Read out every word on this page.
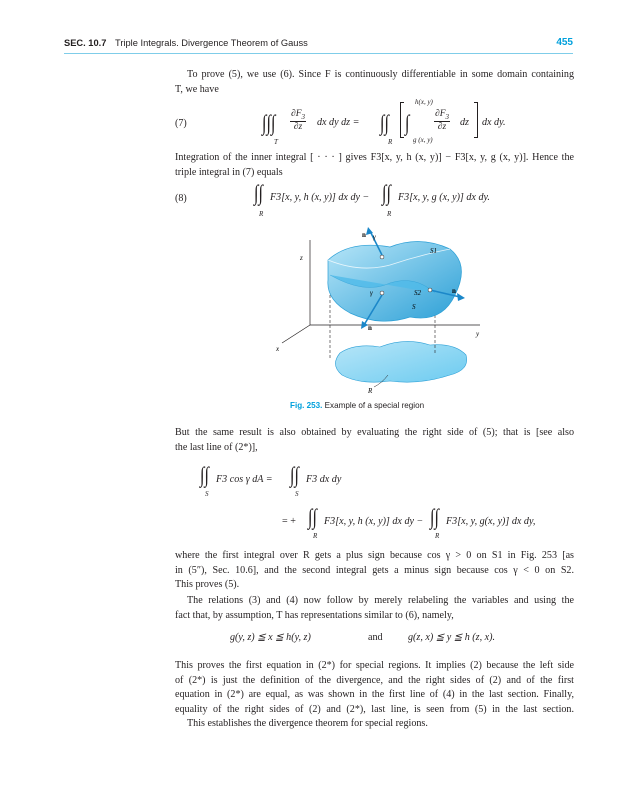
SEC. 10.7 Triple Integrals. Divergence Theorem of Gauss	455
To prove (5), we use (6). Since F is continuously differentiable in some domain containing
T, we have
(7)	∫∫∫
T
$\frac{\partial F_3}{\partial z}$ dx dy dz = ∫∫
R
∫
h(x, y)
g (x, y)
$\frac{\partial F_3}{\partial z}$ dz dx dy.
Integration of the inner integral [ · · · ] gives F3[x, y, h (x, y)] − F3[x, y, g (x, y)]. Hence the
triple integral in (7) equals
(8)	∫∫
R
F3[x, y, h (x, y)] dx dy − ∫∫
R
F3[x, y, g (x, y)] dx dy.
z
x
y
n γ
n
n
γ
S1
S2
S
R
Fig. 253. Example of a special region
But the same result is also obtained by evaluating the right side of (5); that is [see also
the last line of (2*)],
∫∫
S
F3 cos γ dA = ∫∫
S
F3 dx dy
= + ∫∫
R
F3[x, y, h (x, y)] dx dy − ∫∫
R
F3[x, y, g(x, y)] dx dy,
where the first integral over R gets a plus sign because cos γ > 0 on S1 in Fig. 253 [as
in (5″), Sec. 10.6], and the second integral gets a minus sign because cos γ < 0 on S2.
This proves (5).
The relations (3) and (4) now follow by merely relabeling the variables and using the
fact that, by assumption, T has representations similar to (6), namely,
g(y, z) ≦ x ≦ h(y, z)	and	g(z, x) ≦ y ≦ h (z, x).
This proves the first equation in (2*) for special regions. It implies (2) because the left side
of (2*) is just the definition of the divergence, and the right sides of (2) and of the first
equation in (2*) are equal, as was shown in the first line of (4) in the last section. Finally,
equality of the right sides of (2) and (2*), last line, is seen from (5) in the last section.
This establishes the divergence theorem for special regions.
